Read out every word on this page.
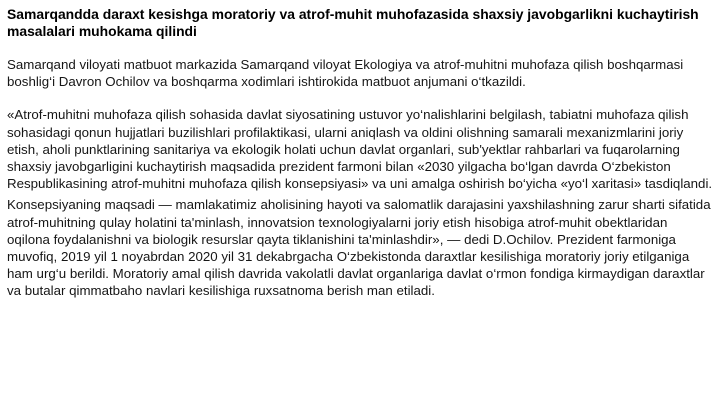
Samarqandda daraxt kesishga moratoriy va atrof-muhit muhofazasida shaxsiy javobgarlikni kuchaytirish masalalari muhokama qilindi

Samarqand viloyati matbuot markazida Samarqand viloyat Ekologiya va atrof-muhitni muhofaza qilish boshqarmasi boshlig‘i Davron Ochilov va boshqarma xodimlari ishtirokida matbuot anjumani o‘tkazildi.

«Atrof-muhitni muhofaza qilish sohasida davlat siyosatining ustuvor yo‘nalishlarini belgilash, tabiatni muhofaza qilish sohasidagi qonun hujjatlari buzilishlari profilaktikasi, ularni aniqlash va oldini olishning samarali mexanizmlarini joriy etish, aholi punktlarining sanitariya va ekologik holati uchun davlat organlari, sub'yektlar rahbarlari va fuqarolarning shaxsiy javobgarligini kuchaytirish maqsadida prezident farmoni bilan «2030 yilgacha bo‘lgan davrda O‘zbekiston Respublikasining atrof-muhitni muhofaza qilish konsepsiyasi» va uni amalga oshirish bo‘yicha «yo‘l xaritasi» tasdiqlandi.

Konsepsiyaning maqsadi — mamlakatimiz aholisining hayoti va salomatlik darajasini yaxshilashning zarur sharti sifatida atrof-muhitning qulay holatini ta'minlash, innovatsion texnologiyalarni joriy etish hisobiga atrof-muhit obektlaridan oqilona foydalanishni va biologik resurslar qayta tiklanishini ta'minlashdir», — dedi D.Ochilov. Prezident farmoniga muvofiq, 2019 yil 1 noyabrdan 2020 yil 31 dekabrgacha O‘zbekistonda daraxtlar kesilishiga moratoriy joriy etilganiga ham urg‘u berildi. Moratoriy amal qilish davrida vakolatli davlat organlariga davlat o‘rmon fondiga kirmaydigan daraxtlar va butalar qimmatbaho navlari kesilishiga ruxsatnoma berish man etiladi.
